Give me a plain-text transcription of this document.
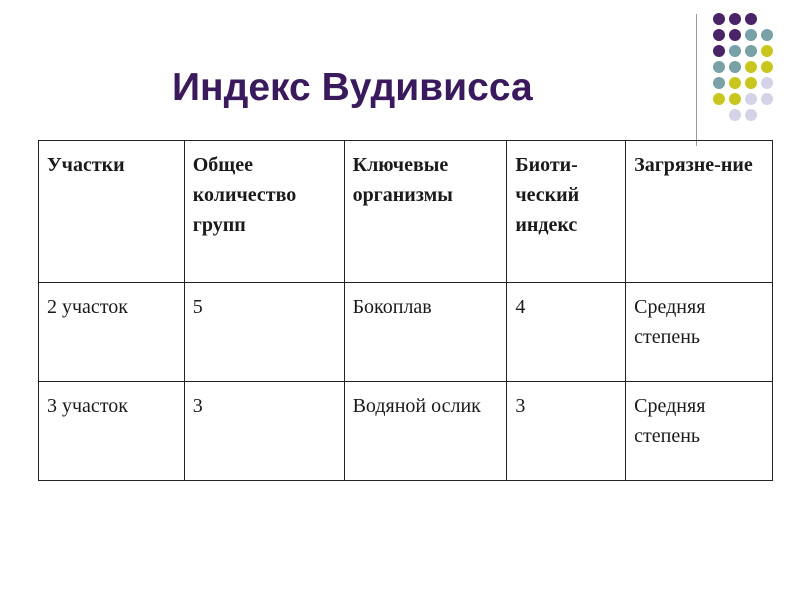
Индекс Вудивисса
Участки	Общее количество групп	Ключевые организмы	Биоти-ческий индекс	Загрязне-ние
2 участок	5	Бокоплав	4	Средняя степень
3 участок	3	Водяной ослик	3	Средняя степень
